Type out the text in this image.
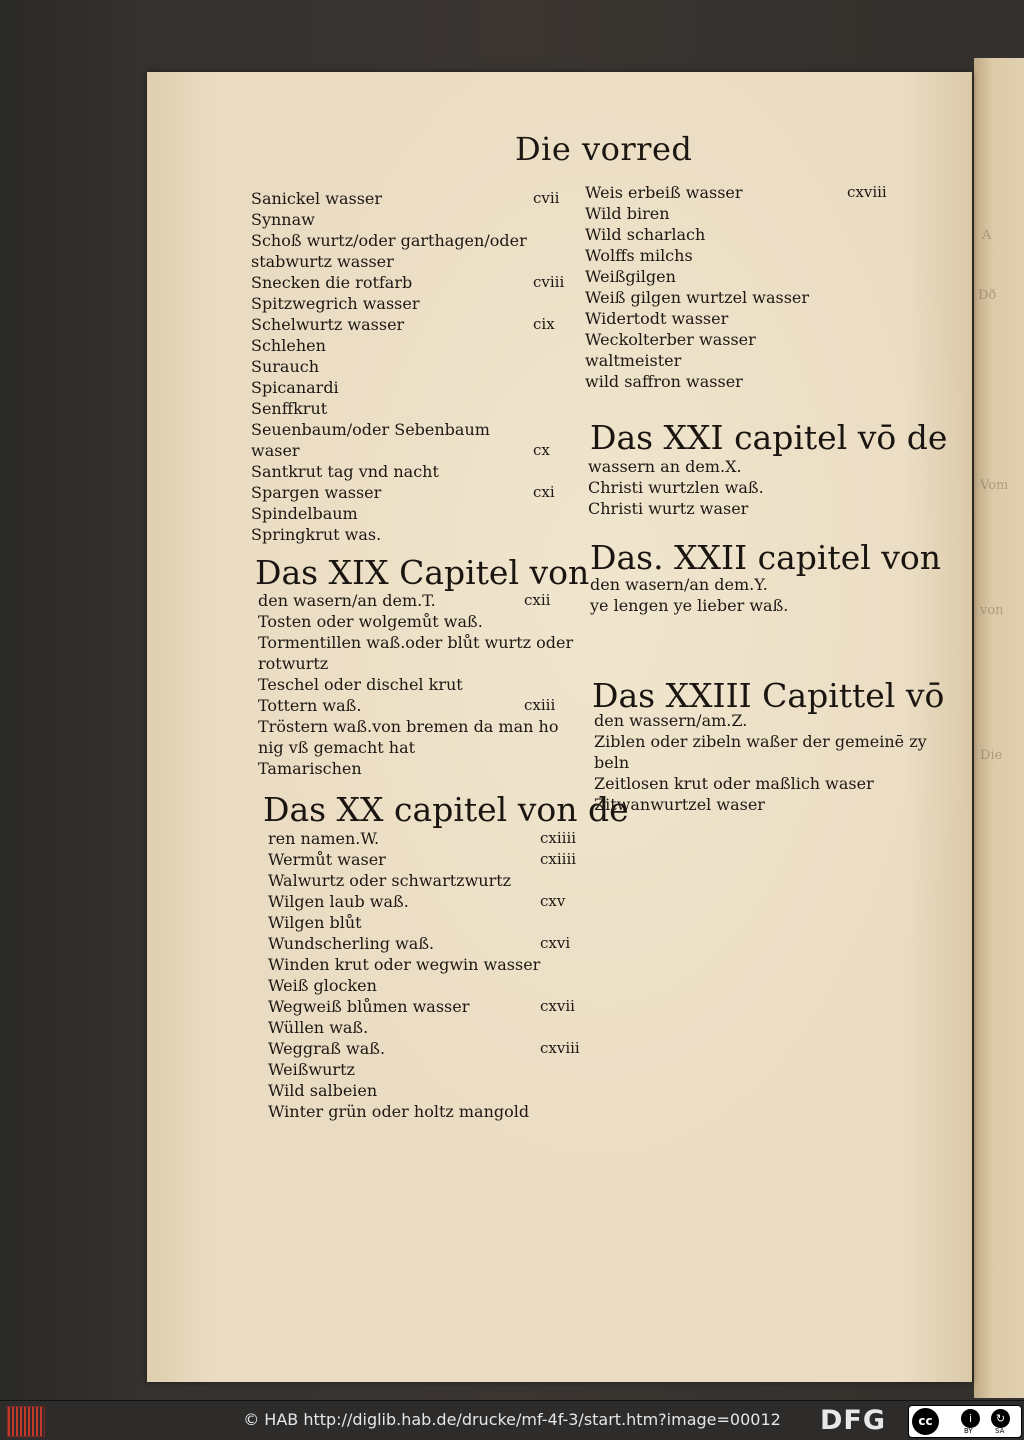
A
Dð
Vom
von
Die
Die vorred
Sanickel wasser	cvii
Synnaw
Schoß wurtz/oder garthagen/oder
stabwurtz wasser
Snecken die rotfarb	cviii
Spitzwegrich wasser
Schelwurtz wasser	cix
Schlehen
Surauch
Spicanardi
Senffkrut
Seuenbaum/oder Sebenbaum
waser	cx
Santkrut tag vnd nacht
Spargen wasser	cxi
Spindelbaum
Springkrut was.
Das XIX Capitel von
den wasern/an dem.T.	cxii
Tosten oder wolgemůt waß.
Tormentillen waß.oder blůt wurtz oder
rotwurtz
Teschel oder dischel krut
Tottern waß.	cxiii
Tröstern waß.von bremen da man ho
nig vß gemacht hat
Tamarischen
Das XX capitel von de
ren namen.W.	cxiiii
Wermůt waser	cxiiii
Walwurtz oder schwartzwurtz
Wilgen laub waß.	cxv
Wilgen blůt
Wundscherling waß.	cxvi
Winden krut oder wegwin wasser
Weiß glocken
Wegweiß blůmen wasser	cxvii
Wüllen waß.
Weggraß waß.	cxviii
Weißwurtz
Wild salbeien
Winter grün oder holtz mangold
Weis erbeiß wasser	cxviii
Wild biren
Wild scharlach
Wolffs milchs
Weißgilgen
Weiß gilgen wurtzel wasser
Widertodt wasser
Weckolterber wasser
waltmeister
wild saffron wasser
Das XXI capitel vō de
wassern an dem.X.
Christi wurtzlen waß.
Christi wurtz waser
Das. XXII capitel von
den wasern/an dem.Y.
ye lengen ye lieber waß.
Das XXIII Capittel vō
den wassern/am.Z.
Ziblen oder zibeln waßer der gemeinē zy
beln
Zeitlosen krut oder maßlich waser
Zitwanwurtzel waser
© HAB http://diglib.hab.de/drucke/mf-4f-3/start.htm?image=00012	DFG	cc	i	↻
BY	SA
